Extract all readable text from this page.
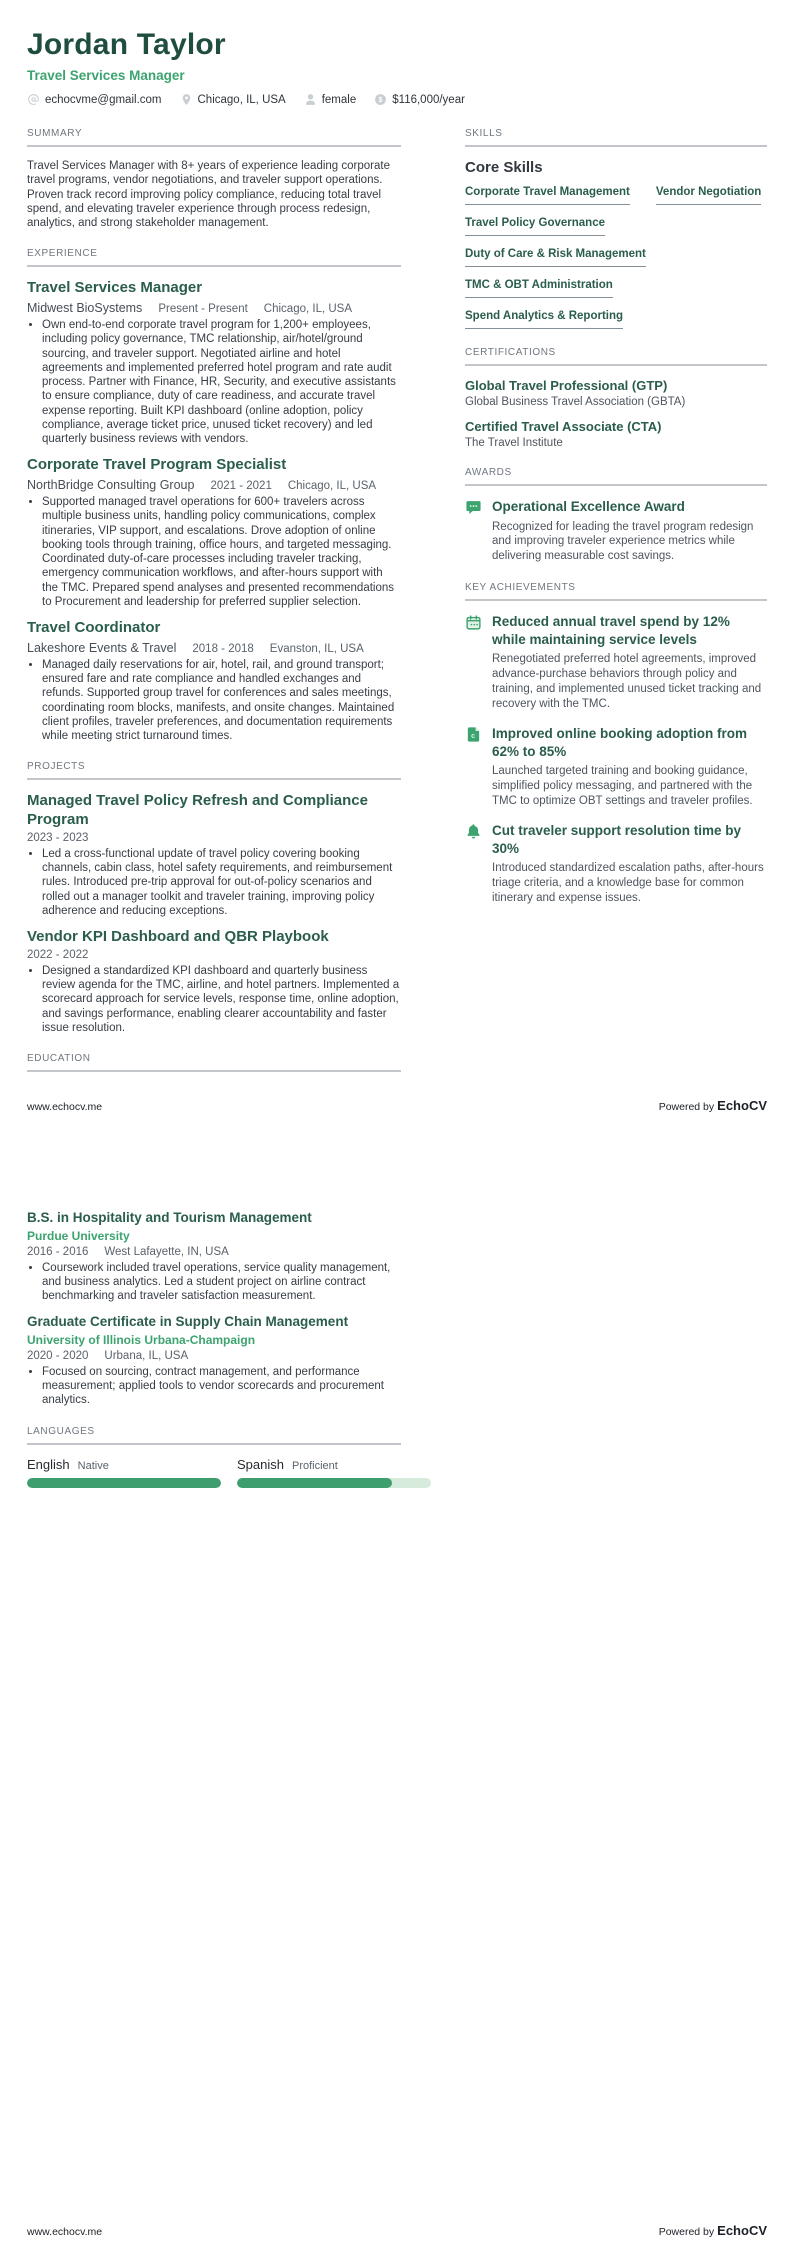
Jordan Taylor
Travel Services Manager
echocvme@gmail.com	Chicago, IL, USA	female $ $116,000/year
SUMMARY

Travel Services Manager with 8+ years of experience leading corporate travel programs, vendor negotiations, and traveler support operations. Proven track record improving policy compliance, reducing total travel spend, and elevating traveler experience through process redesign, analytics, and strong stakeholder management.

EXPERIENCE
Travel Services Manager
Midwest BioSystems Present - Present Chicago, IL, USA
• Own end-to-end corporate travel program for 1,200+ employees, including policy governance, TMC relationship, air/hotel/ground sourcing, and traveler support. Negotiated airline and hotel agreements and implemented preferred hotel program and rate audit process. Partner with Finance, HR, Security, and executive assistants to ensure compliance, duty of care readiness, and accurate travel expense reporting. Built KPI dashboard (online adoption, policy compliance, average ticket price, unused ticket recovery) and led quarterly business reviews with vendors.
Corporate Travel Program Specialist
NorthBridge Consulting Group 2021 - 2021 Chicago, IL, USA
• Supported managed travel operations for 600+ travelers across multiple business units, handling policy communications, complex itineraries, VIP support, and escalations. Drove adoption of online booking tools through training, office hours, and targeted messaging. Coordinated duty-of-care processes including traveler tracking, emergency communication workflows, and after-hours support with the TMC. Prepared spend analyses and presented recommendations to Procurement and leadership for preferred supplier selection.
Travel Coordinator
Lakeshore Events & Travel 2018 - 2018 Evanston, IL, USA
• Managed daily reservations for air, hotel, rail, and ground transport; ensured fare and rate compliance and handled exchanges and refunds. Supported group travel for conferences and sales meetings, coordinating room blocks, manifests, and onsite changes. Maintained client profiles, traveler preferences, and documentation requirements while meeting strict turnaround times.
PROJECTS
Managed Travel Policy Refresh and Compliance Program
2023 - 2023
• Led a cross-functional update of travel policy covering booking channels, cabin class, hotel safety requirements, and reimbursement rules. Introduced pre-trip approval for out-of-policy scenarios and rolled out a manager toolkit and traveler training, improving policy adherence and reducing exceptions.
Vendor KPI Dashboard and QBR Playbook
2022 - 2022
• Designed a standardized KPI dashboard and quarterly business review agenda for the TMC, airline, and hotel partners. Implemented a scorecard approach for service levels, response time, online adoption, and savings performance, enabling clearer accountability and faster issue resolution.
EDUCATION
SKILLS
Core Skills
Corporate Travel Management Vendor Negotiation
Travel Policy Governance
Duty of Care & Risk Management
TMC & OBT Administration
Spend Analytics & Reporting
CERTIFICATIONS
Global Travel Professional (GTP)
Global Business Travel Association (GBTA)
Certified Travel Associate (CTA)
The Travel Institute
AWARDS
Operational Excellence Award
Recognized for leading the travel program redesign and improving traveler experience metrics while delivering measurable cost savings.
KEY ACHIEVEMENTS
Reduced annual travel spend by 12% while maintaining service levels
Renegotiated preferred hotel agreements, improved advance-purchase behaviors through policy and training, and implemented unused ticket tracking and recovery with the TMC.
c Improved online booking adoption from 62% to 85%
Launched targeted training and booking guidance, simplified policy messaging, and partnered with the TMC to optimize OBT settings and traveler profiles.
Cut traveler support resolution time by 30%
Introduced standardized escalation paths, after-hours triage criteria, and a knowledge base for common itinerary and expense issues.
www.echocv.me	Powered by EchoCV
B.S. in Hospitality and Tourism Management
Purdue University
2016 - 2016 West Lafayette, IN, USA
• Coursework included travel operations, service quality management, and business analytics. Led a student project on airline contract benchmarking and traveler satisfaction measurement.
Graduate Certificate in Supply Chain Management
University of Illinois Urbana-Champaign
2020 - 2020 Urbana, IL, USA
• Focused on sourcing, contract management, and performance measurement; applied tools to vendor scorecards and procurement analytics.
LANGUAGES
English Native	Spanish Proficient
www.echocv.me	Powered by EchoCV
